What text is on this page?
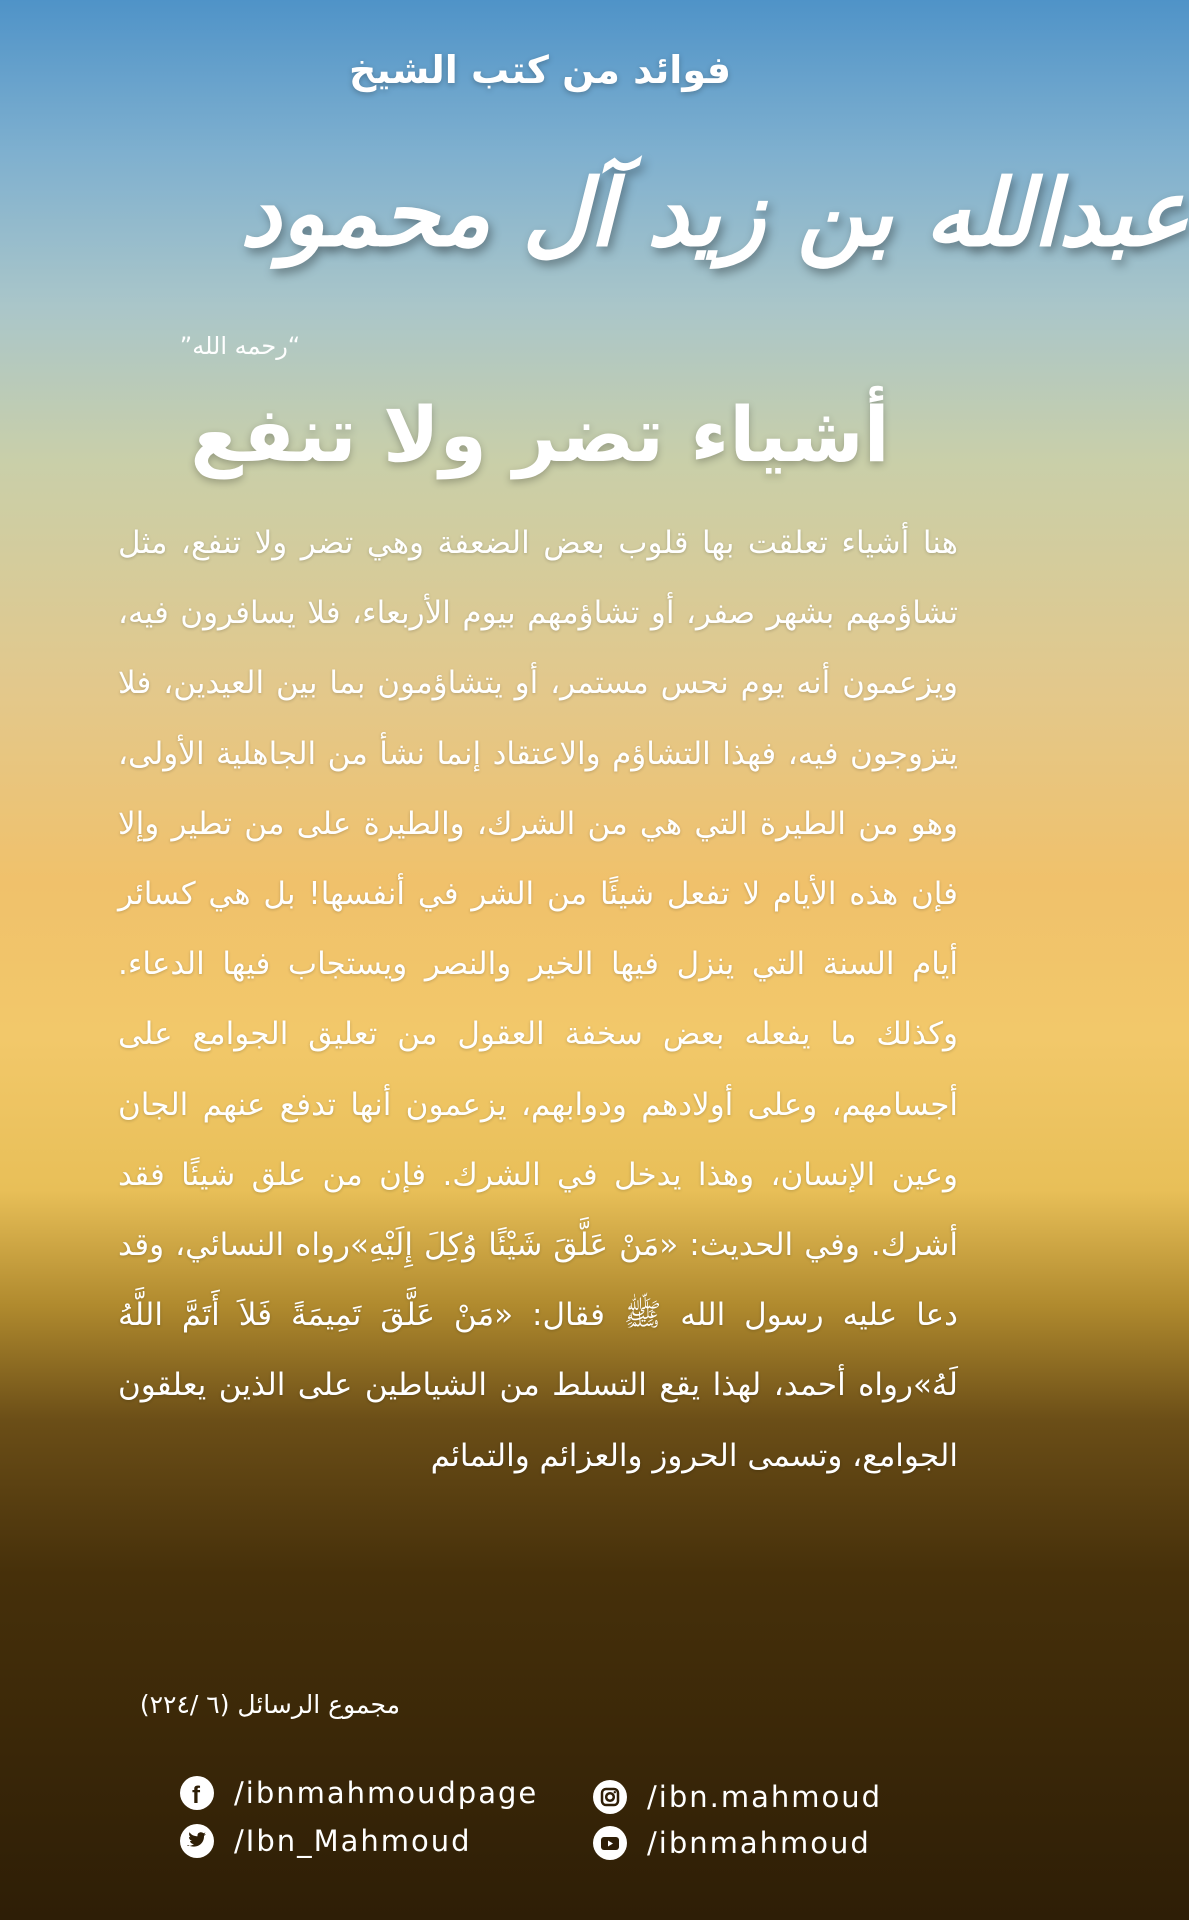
فوائد من كتب الشيخ
عبدالله بن زيد آل محمود
”رحمه الله“
أشياء تضر ولا تنفع
هنا أشياء تعلقت بها قلوب بعض الضعفة وهي تضر ولا تنفع، مثل تشاؤمهم بشهر صفر، أو تشاؤمهم بيوم الأربعاء، فلا يسافرون فيه، ويزعمون أنه يوم نحس مستمر، أو يتشاؤمون بما بين العيدين، فلا يتزوجون فيه، فهذا التشاؤم والاعتقاد إنما نشأ من الجاهلية الأولى، وهو من الطيرة التي هي من الشرك، والطيرة على من تطير وإلا فإن هذه الأيام لا تفعل شيئًا من الشر في أنفسها! بل هي كسائر أيام السنة التي ينزل فيها الخير والنصر ويستجاب فيها الدعاء. وكذلك ما يفعله بعض سخفة العقول من تعليق الجوامع على أجسامهم، وعلى أولادهم ودوابهم، يزعمون أنها تدفع عنهم الجان وعين الإنسان، وهذا يدخل في الشرك. فإن من علق شيئًا فقد أشرك. وفي الحديث: «مَنْ عَلَّقَ شَيْئًا وُكِلَ إِلَيْهِ»رواه النسائي، وقد دعا عليه رسول الله ﷺ فقال: «مَنْ عَلَّقَ تَمِيمَةً فَلاَ أَتَمَّ اللَّهُ لَهُ»رواه أحمد، لهذا يقع التسلط من الشياطين على الذين يعلقون الجوامع، وتسمى الحروز والعزائم والتمائم
مجموع الرسائل (٦ /٢٢٤)
f /ibnmahmoudpage
/Ibn_Mahmoud
/ibn.mahmoud
/ibnmahmoud
